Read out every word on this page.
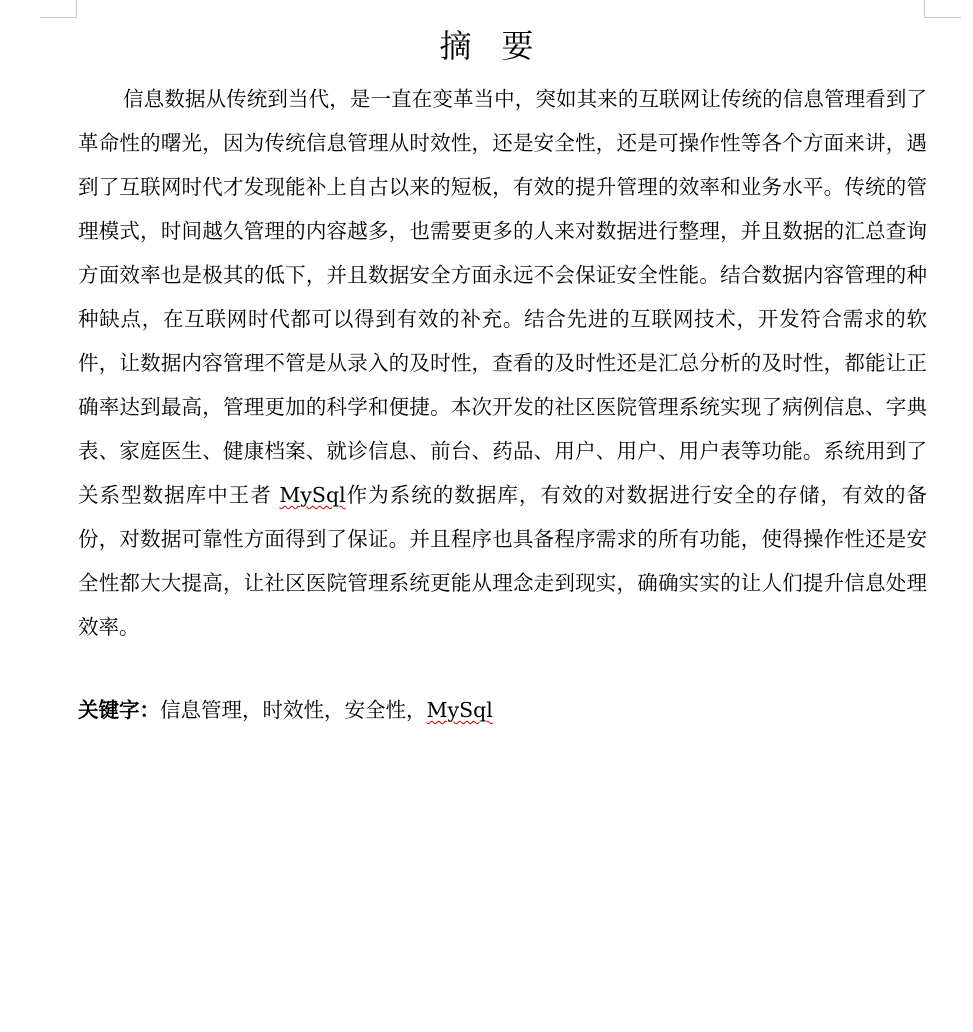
摘要

信息数据从传统到当代，是一直在变革当中，突如其来的互联网让传统的信息管理看到了革命性的曙光，因为传统信息管理从时效性，还是安全性，还是可操作性等各个方面来讲，遇到了互联网时代才发现能补上自古以来的短板，有效的提升管理的效率和业务水平。传统的管理模式，时间越久管理的内容越多，也需要更多的人来对数据进行整理，并且数据的汇总查询方面效率也是极其的低下，并且数据安全方面永远不会保证安全性能。结合数据内容管理的种种缺点，在互联网时代都可以得到有效的补充。结合先进的互联网技术，开发符合需求的软件，让数据内容管理不管是从录入的及时性，查看的及时性还是汇总分析的及时性，都能让正确率达到最高，管理更加的科学和便捷。本次开发的社区医院管理系统实现了病例信息、字典表、家庭医生、健康档案、就诊信息、前台、药品、用户、用户、用户表等功能。系统用到了关系型数据库中王者 MySql作为系统的数据库，有效的对数据进行安全的存储，有效的备份，对数据可靠性方面得到了保证。并且程序也具备程序需求的所有功能，使得操作性还是安全性都大大提高，让社区医院管理系统更能从理念走到现实，确确实实的让人们提升信息处理效率。

关键字：信息管理，时效性，安全性，MySql
